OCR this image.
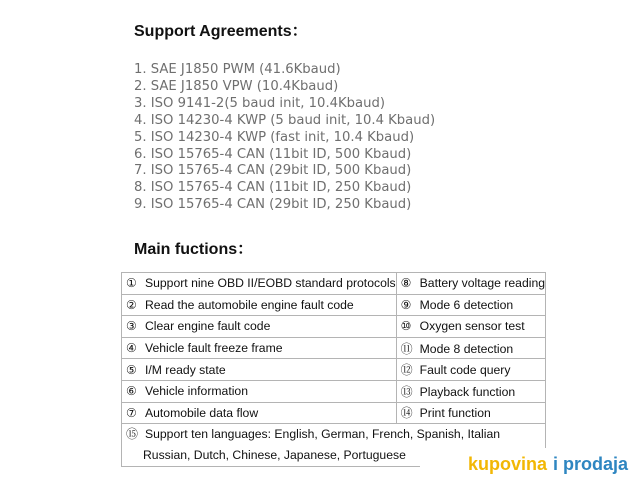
Support Agreements：
1. SAE J1850 PWM (41.6Kbaud)
2. SAE J1850 VPW (10.4Kbaud)
3. ISO 9141-2(5 baud init, 10.4Kbaud)
4. ISO 14230-4 KWP (5 baud init, 10.4 Kbaud)
5. ISO 14230-4 KWP (fast init, 10.4 Kbaud)
6. ISO 15765-4 CAN (11bit ID, 500 Kbaud)
7. ISO 15765-4 CAN (29bit ID, 500 Kbaud)
8. ISO 15765-4 CAN (11bit ID, 250 Kbaud)
9. ISO 15765-4 CAN (29bit ID, 250 Kbaud)
Main fuctions：
① Support nine OBD II/EOBD standard protocols	⑧ Battery voltage reading
② Read the automobile engine fault code	⑨ Mode 6 detection
③ Clear engine fault code	⑩ Oxygen sensor test
④ Vehicle fault freeze frame	⑪ Mode 8 detection
⑤ I/M ready state	⑫ Fault code query
⑥ Vehicle information	⑬ Playback function
⑦ Automobile data flow	⑭ Print function
⑮ Support ten languages: English, German, French, Spanish, Italian
Russian, Dutch, Chinese, Japanese, Portuguese		kupovina i prodaja
